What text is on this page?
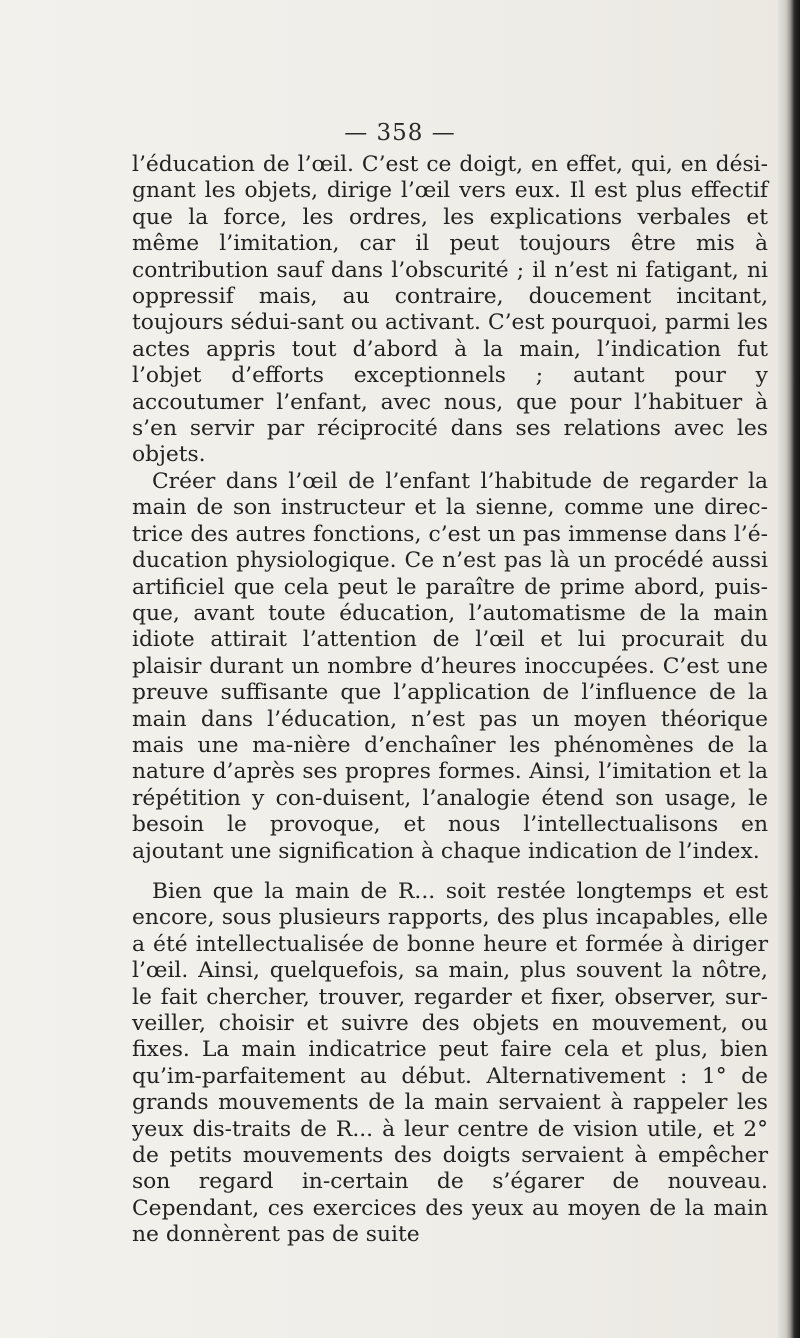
— 358 —

l’éducation de l’œil. C’est ce doigt, en effet, qui, en dési-gnant les objets, dirige l’œil vers eux. Il est plus effectif que la force, les ordres, les explications verbales et même l’imitation, car il peut toujours être mis à contribution sauf dans l’obscurité ; il n’est ni fatigant, ni oppressif mais, au contraire, doucement incitant, toujours sédui-sant ou activant. C’est pourquoi, parmi les actes appris tout d’abord à la main, l’indication fut l’objet d’efforts exceptionnels ; autant pour y accoutumer l’enfant, avec nous, que pour l’habituer à s’en servir par réciprocité dans ses relations avec les objets.

Créer dans l’œil de l’enfant l’habitude de regarder la main de son instructeur et la sienne, comme une direc-trice des autres fonctions, c’est un pas immense dans l’é-ducation physiologique. Ce n’est pas là un procédé aussi artificiel que cela peut le paraître de prime abord, puis-que, avant toute éducation, l’automatisme de la main idiote attirait l’attention de l’œil et lui procurait du plaisir durant un nombre d’heures inoccupées. C’est une preuve suffisante que l’application de l’influence de la main dans l’éducation, n’est pas un moyen théorique mais une ma-nière d’enchaîner les phénomènes de la nature d’après ses propres formes. Ainsi, l’imitation et la répétition y con-duisent, l’analogie étend son usage, le besoin le provoque, et nous l’intellectualisons en ajoutant une signification à chaque indication de l’index.

Bien que la main de R... soit restée longtemps et est encore, sous plusieurs rapports, des plus incapables, elle a été intellectualisée de bonne heure et formée à diriger l’œil. Ainsi, quelquefois, sa main, plus souvent la nôtre, le fait chercher, trouver, regarder et fixer, observer, sur-veiller, choisir et suivre des objets en mouvement, ou fixes. La main indicatrice peut faire cela et plus, bien qu’im-parfaitement au début. Alternativement : 1° de grands mouvements de la main servaient à rappeler les yeux dis-traits de R... à leur centre de vision utile, et 2° de petits mouvements des doigts servaient à empêcher son regard in-certain de s’égarer de nouveau. Cependant, ces exercices des yeux au moyen de la main ne donnèrent pas de suite
